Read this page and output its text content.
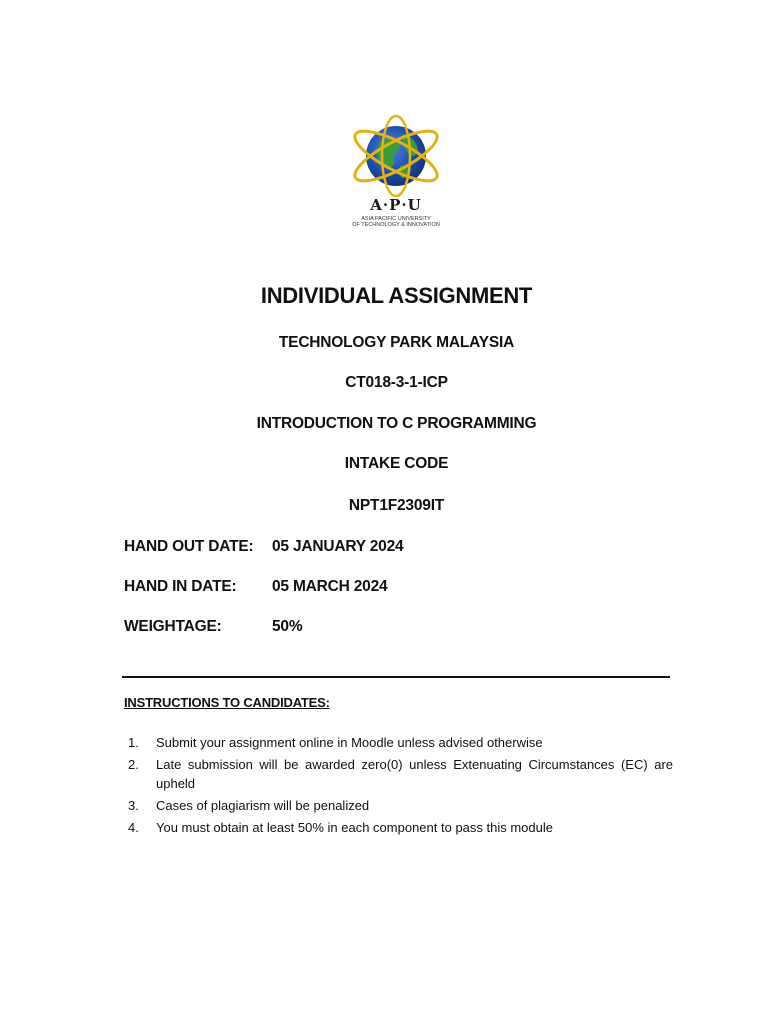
A·P·U
ASIA PACIFIC UNIVERSITY
OF TECHNOLOGY & INNOVATION
INDIVIDUAL ASSIGNMENT
TECHNOLOGY PARK MALAYSIA
CT018-3-1-ICP
INTRODUCTION TO C PROGRAMMING
INTAKE CODE
NPT1F2309IT
HAND OUT DATE: 05 JANUARY 2024
HAND IN DATE: 05 MARCH 2024
WEIGHTAGE:	50%
INSTRUCTIONS TO CANDIDATES:
1. Submit your assignment online in Moodle unless advised otherwise
2. Late submission will be awarded zero(0) unless Extenuating Circumstances (EC) are upheld
3. Cases of plagiarism will be penalized
4. You must obtain at least 50% in each component to pass this module
